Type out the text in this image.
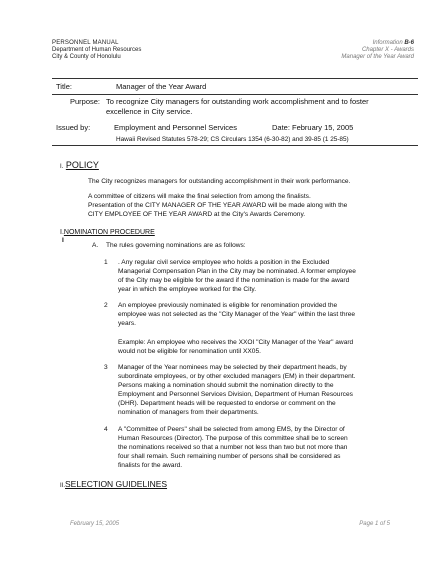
PERSONNEL MANUAL
Department of Human Resources
City & County of Honolulu
Information B-6
Chapter X - Awards
Manager of the Year Award
Title:	Manager of the Year Award
Purpose: To recognize City managers for outstanding work accomplishment and to foster
excellence in City service.
Issued by:	Employment and Personnel Services	Date: February 15, 2005
Hawaii Revised Statutes 578-29; CS Circulars 1354 (6-30-82) and 39-85 (1 25-85)
I. POLICY
The City recognizes managers for outstanding accomplishment in their work performance.
A committee of citizens will make the final selection from among the finalists.
Presentation of the CITY MANAGER OF THE YEAR AWARD will be made along with the
CITY EMPLOYEE OF THE YEAR AWARD at the City's Awards Ceremony.
I.NOMINATION PROCEDURE
I
A. The rules governing nominations are as follows:
1 . Any regular civil service employee who holds a position in the Excluded
Managerial Compensation Plan in the City may be nominated. A former employee
of the City may be eligible for the award if the nomination is made for the award
year in which the employee worked for the City.
2 An employee previously nominated is eligible for renomination provided the
employee was not selected as the "City Manager of the Year" within the last three
years.
Example: An employee who receives the XXOI "City Manager of the Year" award
would not be eligible for renomination until XX05.
3 Manager of the Year nominees may be selected by their department heads, by
subordinate employees, or by other excluded managers (EM) in their department.
Persons making a nomination should submit the nomination directly to the
Employment and Personnel Services Division, Department of Human Resources
(DHR). Department heads will be requested to endorse or comment on the
nomination of managers from their departments.
4 A "Committee of Peers" shall be selected from among EMS, by the Director of
Human Resources (Director). The purpose of this committee shall be to screen
the nominations received so that a number not less than two but not more than
four shall remain. Such remaining number of persons shall be considered as
finalists for the award.
II.SELECTION GUIDELINES
February 15, 2005	Page 1 of 5
